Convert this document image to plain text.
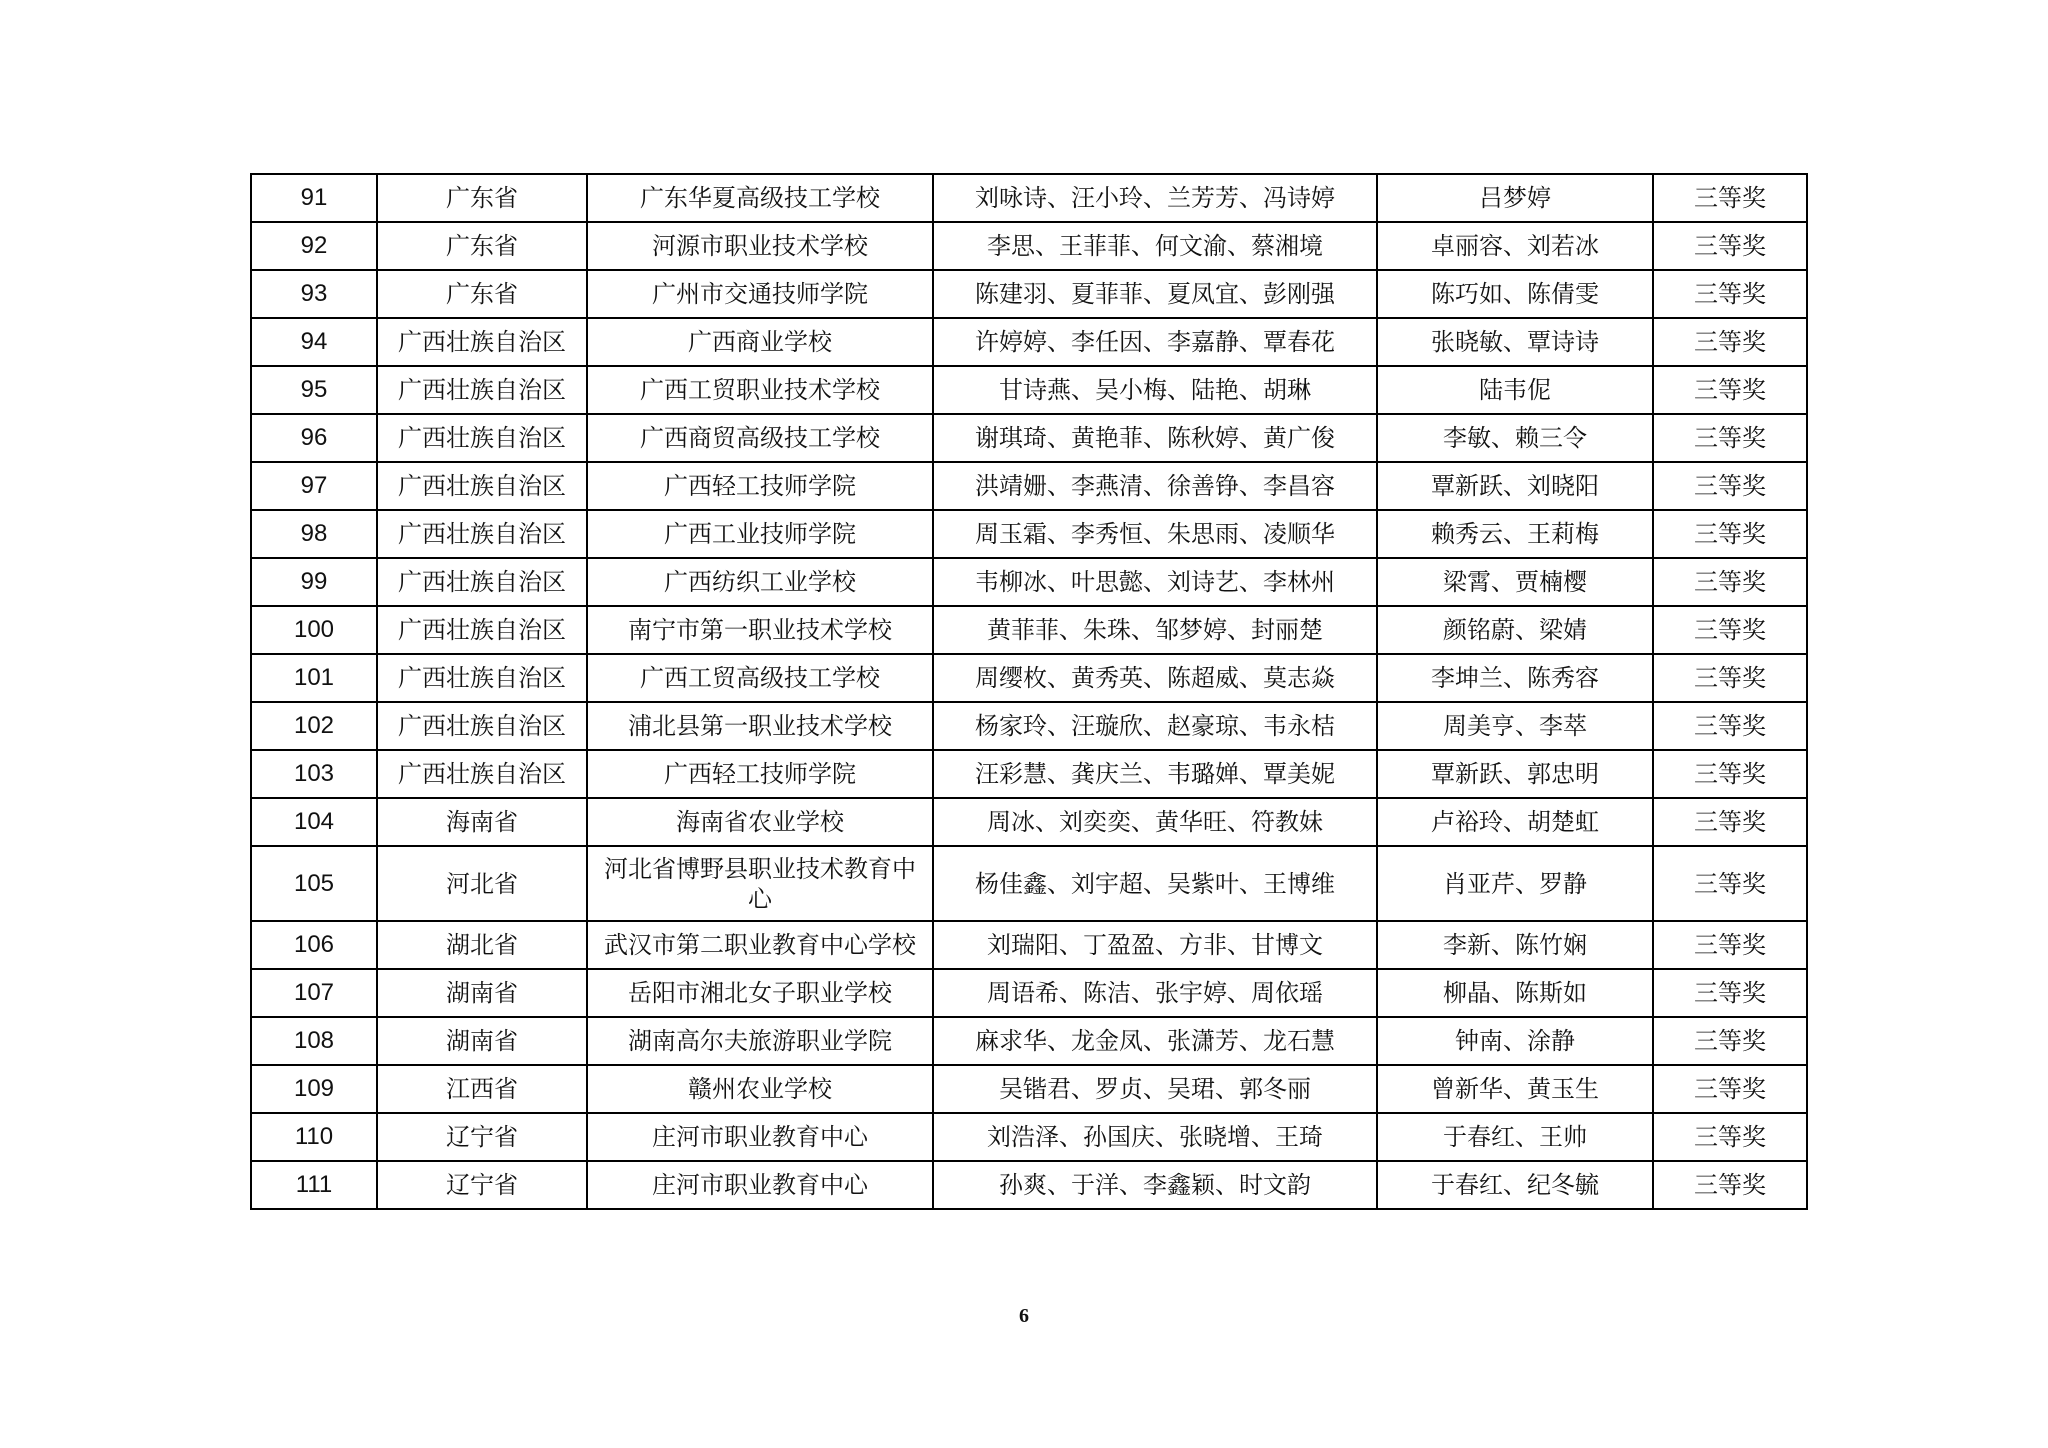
91	广东省	广东华夏高级技工学校	刘咏诗、汪小玲、兰芳芳、冯诗婷	吕梦婷	三等奖
92	广东省	河源市职业技术学校	李思、王菲菲、何文渝、蔡湘境	卓丽容、刘若冰	三等奖
93	广东省	广州市交通技师学院	陈建羽、夏菲菲、夏凤宜、彭刚强	陈巧如、陈倩雯	三等奖
94	广西壮族自治区	广西商业学校	许婷婷、李任因、李嘉静、覃春花	张晓敏、覃诗诗	三等奖
95	广西壮族自治区	广西工贸职业技术学校	甘诗燕、吴小梅、陆艳、胡琳	陆韦伲	三等奖
96	广西壮族自治区	广西商贸高级技工学校	谢琪琦、黄艳菲、陈秋婷、黄广俊	李敏、赖三令	三等奖
97	广西壮族自治区	广西轻工技师学院	洪靖姗、李燕清、徐善铮、李昌容	覃新跃、刘晓阳	三等奖
98	广西壮族自治区	广西工业技师学院	周玉霜、李秀恒、朱思雨、凌顺华	赖秀云、王莉梅	三等奖
99	广西壮族自治区	广西纺织工业学校	韦柳冰、叶思懿、刘诗艺、李林州	梁霄、贾楠樱	三等奖
100	广西壮族自治区	南宁市第一职业技术学校	黄菲菲、朱珠、邹梦婷、封丽楚	颜铭蔚、梁婧	三等奖
101	广西壮族自治区	广西工贸高级技工学校	周缨枚、黄秀英、陈超威、莫志焱	李坤兰、陈秀容	三等奖
102	广西壮族自治区	浦北县第一职业技术学校	杨家玲、汪璇欣、赵豪琼、韦永桔	周美亨、李萃	三等奖
103	广西壮族自治区	广西轻工技师学院	汪彩慧、龚庆兰、韦璐婵、覃美妮	覃新跃、郭忠明	三等奖
104	海南省	海南省农业学校	周冰、刘奕奕、黄华旺、符教妹	卢裕玲、胡楚虹	三等奖
105	河北省	河北省博野县职业技术教育中心	杨佳鑫、刘宇超、吴紫叶、王博维	肖亚芹、罗静	三等奖
106	湖北省	武汉市第二职业教育中心学校	刘瑞阳、丁盈盈、方非、甘博文	李新、陈竹娴	三等奖
107	湖南省	岳阳市湘北女子职业学校	周语希、陈洁、张宇婷、周依瑶	柳晶、陈斯如	三等奖
108	湖南省	湖南高尔夫旅游职业学院	麻求华、龙金凤、张潇芳、龙石慧	钟南、涂静	三等奖
109	江西省	赣州农业学校	吴锴君、罗贞、吴珺、郭冬丽	曾新华、黄玉生	三等奖
110	辽宁省	庄河市职业教育中心	刘浩泽、孙国庆、张晓增、王琦	于春红、王帅	三等奖
111	辽宁省	庄河市职业教育中心	孙爽、于洋、李鑫颖、时文韵	于春红、纪冬毓	三等奖
6
